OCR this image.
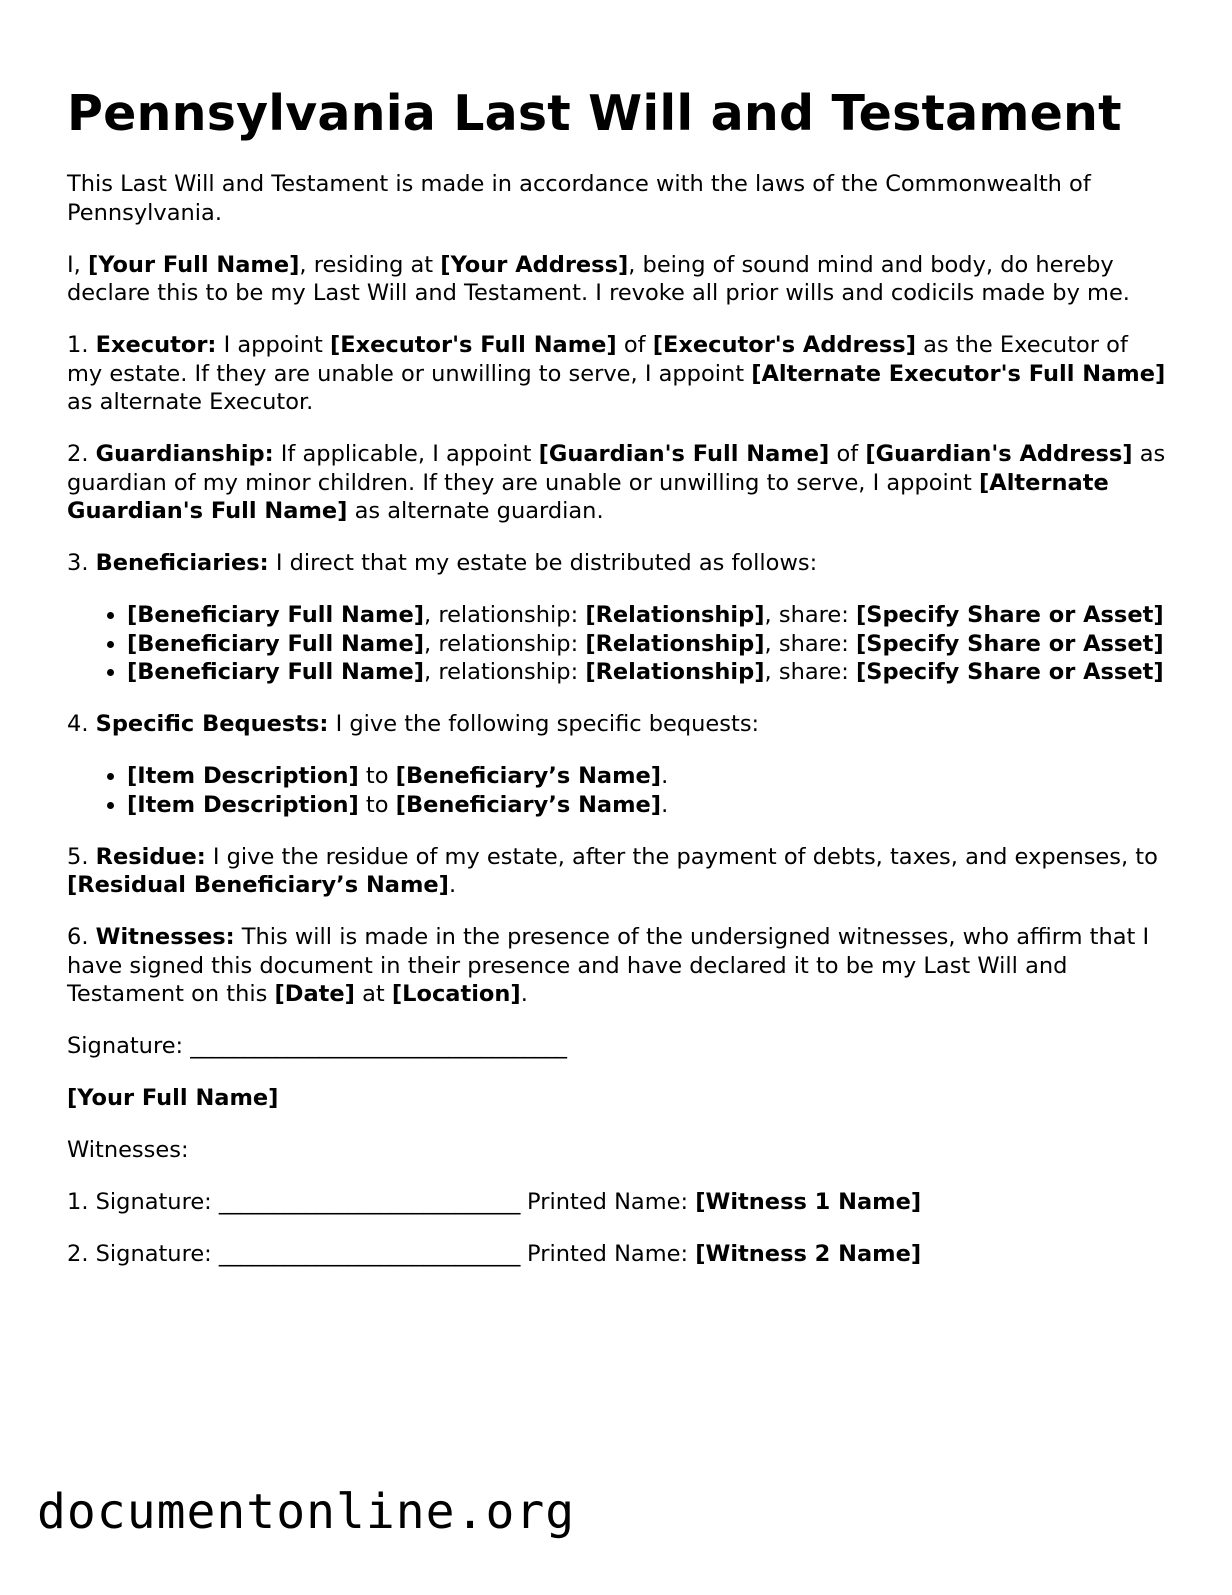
Pennsylvania Last Will and Testament

This Last Will and Testament is made in accordance with the laws of the Commonwealth of Pennsylvania.

I, [Your Full Name], residing at [Your Address], being of sound mind and body, do hereby declare this to be my Last Will and Testament. I revoke all prior wills and codicils made by me.

1. Executor: I appoint [Executor's Full Name] of [Executor's Address] as the Executor of my estate. If they are unable or unwilling to serve, I appoint [Alternate Executor's Full Name] as alternate Executor.

2. Guardianship: If applicable, I appoint [Guardian's Full Name] of [Guardian's Address] as guardian of my minor children. If they are unable or unwilling to serve, I appoint [Alternate Guardian's Full Name] as alternate guardian.

3. Beneficiaries: I direct that my estate be distributed as follows:

• [Beneficiary Full Name], relationship: [Relationship], share: [Specify Share or Asset]
• [Beneficiary Full Name], relationship: [Relationship], share: [Specify Share or Asset]
• [Beneficiary Full Name], relationship: [Relationship], share: [Specify Share or Asset]

4. Specific Bequests: I give the following specific bequests:

• [Item Description] to [Beneficiary’s Name].
• [Item Description] to [Beneficiary’s Name].

5. Residue: I give the residue of my estate, after the payment of debts, taxes, and expenses, to [Residual Beneficiary’s Name].

6. Witnesses: This will is made in the presence of the undersigned witnesses, who affirm that I have signed this document in their presence and have declared it to be my Last Will and Testament on this [Date] at [Location].

Signature: ___________________________________

[Your Full Name]

Witnesses:

1. Signature: ____________________________ Printed Name: [Witness 1 Name]

2. Signature: ____________________________ Printed Name: [Witness 2 Name]

documentonline.org
